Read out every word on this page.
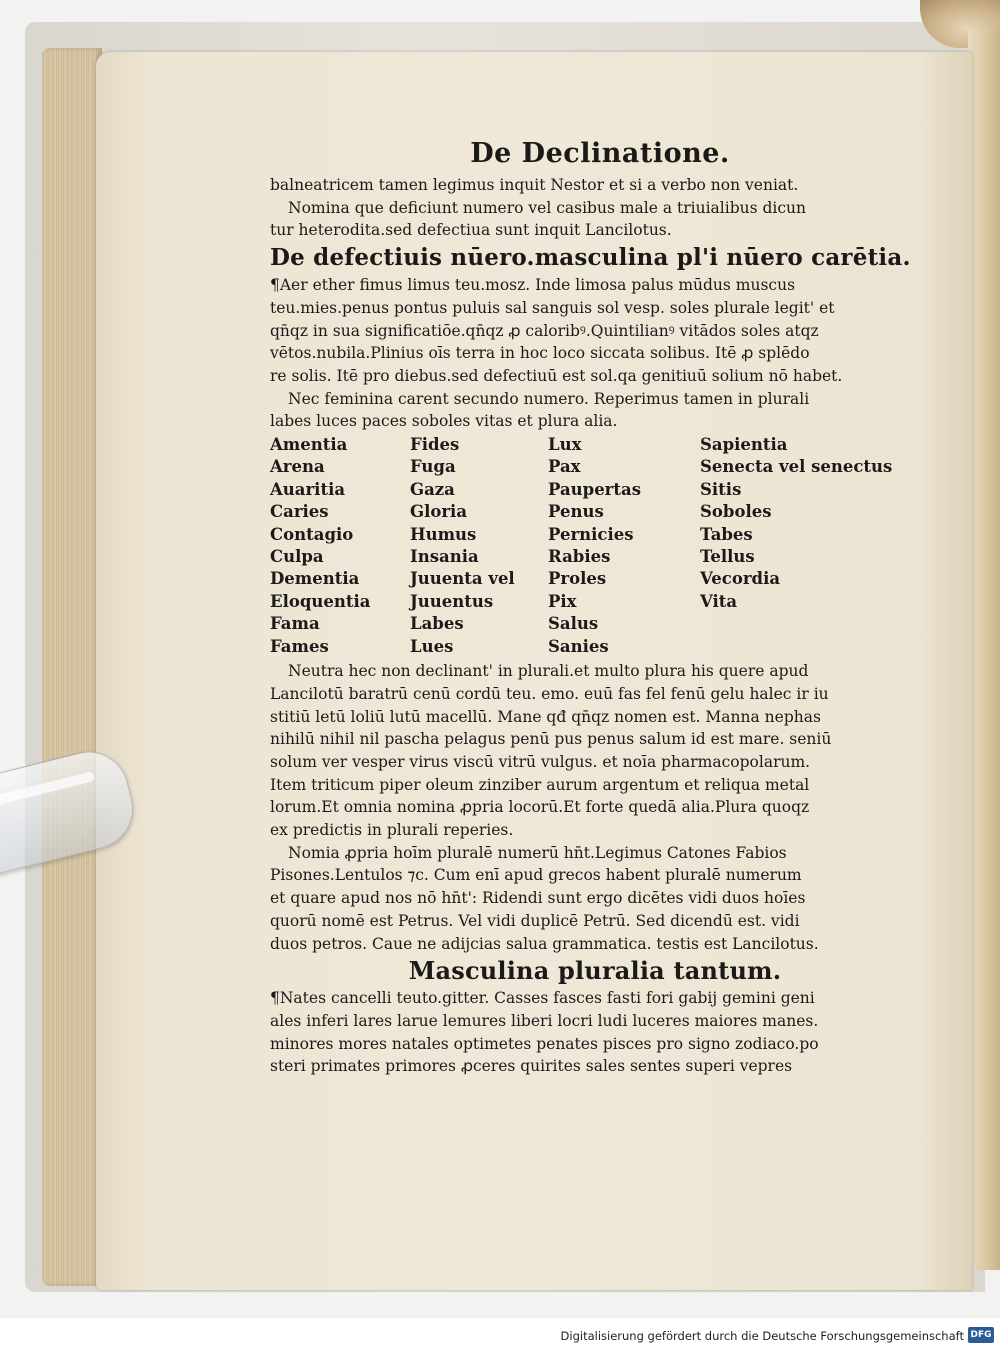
De Declinatione.
balneatricem tamen legimus inquit Nestor et si a verbo non veniat.
Nomina que deficiunt numero vel casibus male a triuialibus dicun
tur heterodita.sed defectiua sunt inquit Lancilotus.
De defectiuis nūero.masculina pl'i nūero carētia.
¶Aer ether fimus limus teu.mosz. Inde limosa palus mūdus muscus
teu.mies.penus pontus puluis sal sanguis sol vesp. soles plurale legit' et
qn̄qz in sua significatiōe.qn̄qz ꝓ caloribꝰ.Quintilianꝰ vitādos soles atqz
vētos.nubila.Plinius oīs terra in hoc loco siccata solibus. Itē ꝓ splēdo
re solis. Itē pro diebus.sed defectiuū est sol.qa genitiuū solium nō habet.
Nec feminina carent secundo numero. Reperimus tamen in plurali
labes luces paces soboles vitas et plura alia.
Amentia	Fides	Lux	Sapientia
Arena	Fuga	Pax	Senecta vel senectus
Auaritia	Gaza	Paupertas	Sitis
Caries	Gloria	Penus	Soboles
Contagio	Humus	Pernicies	Tabes
Culpa	Insania	Rabies	Tellus
Dementia	Juuenta vel	Proles	Vecordia
Eloquentia	Juuentus	Pix	Vita
Fama	Labes	Salus
Fames	Lues	Sanies
Neutra hec non declinant' in plurali.et multo plura his quere apud
Lancilotū baratrū cenū cordū teu. emo. euū fas fel fenū gelu halec ir iu
stitiū letū loliū lutū macellū. Mane qđ qn̄qz nomen est. Manna nephas
nihilū nihil nil pascha pelagus penū pus penus salum id est mare. seniū
solum ver vesper virus viscū vitrū vulgus. et noīa pharmacopolarum.
Item triticum piper oleum zinziber aurum argentum et reliqua metal
lorum.Et omnia nomina ꝓpria locorū.Et forte quedā alia.Plura quoqz
ex predictis in plurali reperies.
Nomia ꝓpria hoīm pluralē numerū hn̄t.Legimus Catones Fabios
Pisones.Lentulos ⁊c. Cum enī apud grecos habent pluralē numerum
et quare apud nos nō hn̄t': Ridendi sunt ergo dicētes vidi duos hoīes
quorū nomē est Petrus. Vel vidi duplicē Petrū. Sed dicendū est. vidi
duos petros. Caue ne adijcias salua grammatica. testis est Lancilotus.
Masculina pluralia tantum.
¶Nates cancelli teuto.gitter. Casses fasces fasti fori gabij gemini geni
ales inferi lares larue lemures liberi locri ludi luceres maiores manes.
minores mores natales optimetes penates pisces pro signo zodiaco.po
steri primates primores ꝓceres quirites sales sentes superi vepres
Digitalisierung gefördert durch die Deutsche Forschungsgemeinschaft DFG
